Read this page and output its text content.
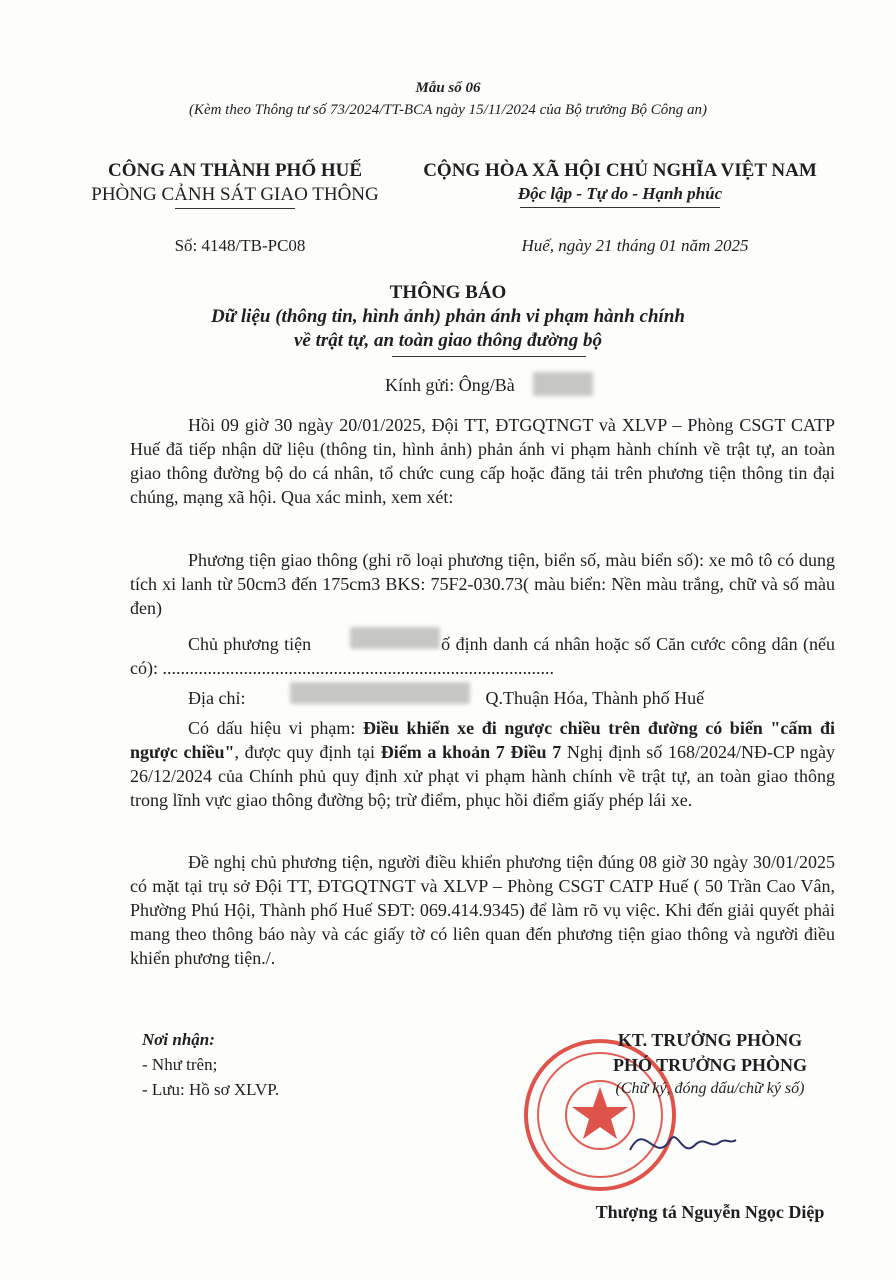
Mẫu số 06
(Kèm theo Thông tư số 73/2024/TT-BCA ngày 15/11/2024 của Bộ trưởng Bộ Công an)
CÔNG AN THÀNH PHỐ HUẾ
PHÒNG CẢNH SÁT GIAO THÔNG
CỘNG HÒA XÃ HỘI CHỦ NGHĨA VIỆT NAM
Độc lập - Tự do - Hạnh phúc
Số: 4148/TB-PC08	Huế, ngày 21 tháng 01 năm 2025
THÔNG BÁO
Dữ liệu (thông tin, hình ảnh) phản ánh vi phạm hành chính
về trật tự, an toàn giao thông đường bộ
Kính gửi: Ông/Bà
Hồi 09 giờ 30 ngày 20/01/2025, Đội TT, ĐTGQTNGT và XLVP – Phòng CSGT CATP Huế đã tiếp nhận dữ liệu (thông tin, hình ảnh) phản ánh vi phạm hành chính về trật tự, an toàn giao thông đường bộ do cá nhân, tổ chức cung cấp hoặc đăng tải trên phương tiện thông tin đại chúng, mạng xã hội. Qua xác minh, xem xét:
Phương tiện giao thông (ghi rõ loại phương tiện, biển số, màu biển số): xe mô tô có dung tích xi lanh từ 50cm3 đến 175cm3 BKS: 75F2-030.73( màu biển: Nền màu trắng, chữ và số màu đen)
Chủ phương tiện	ố định danh cá nhân hoặc số Căn cước công dân (nếu có): .......................................................................................
Địa chỉ:	Q.Thuận Hóa, Thành phố Huế
Có dấu hiệu vi phạm: Điều khiển xe đi ngược chiều trên đường có biển "cấm đi ngược chiều", được quy định tại Điểm a khoản 7 Điều 7 Nghị định số 168/2024/NĐ-CP ngày 26/12/2024 của Chính phủ quy định xử phạt vi phạm hành chính về trật tự, an toàn giao thông trong lĩnh vực giao thông đường bộ; trừ điểm, phục hồi điểm giấy phép lái xe.
Đề nghị chủ phương tiện, người điều khiển phương tiện đúng 08 giờ 30 ngày 30/01/2025 có mặt tại trụ sở Đội TT, ĐTGQTNGT và XLVP – Phòng CSGT CATP Huế ( 50 Trần Cao Vân, Phường Phú Hội, Thành phố Huế SĐT: 069.414.9345) để làm rõ vụ việc. Khi đến giải quyết phải mang theo thông báo này và các giấy tờ có liên quan đến phương tiện giao thông và người điều khiển phương tiện./.
Nơi nhận:
- Như trên;
- Lưu: Hồ sơ XLVP.
KT. TRƯỞNG PHÒNG
PHÓ TRƯỞNG PHÒNG
(Chữ ký, đóng dấu/chữ ký số)
Thượng tá Nguyễn Ngọc Diệp
